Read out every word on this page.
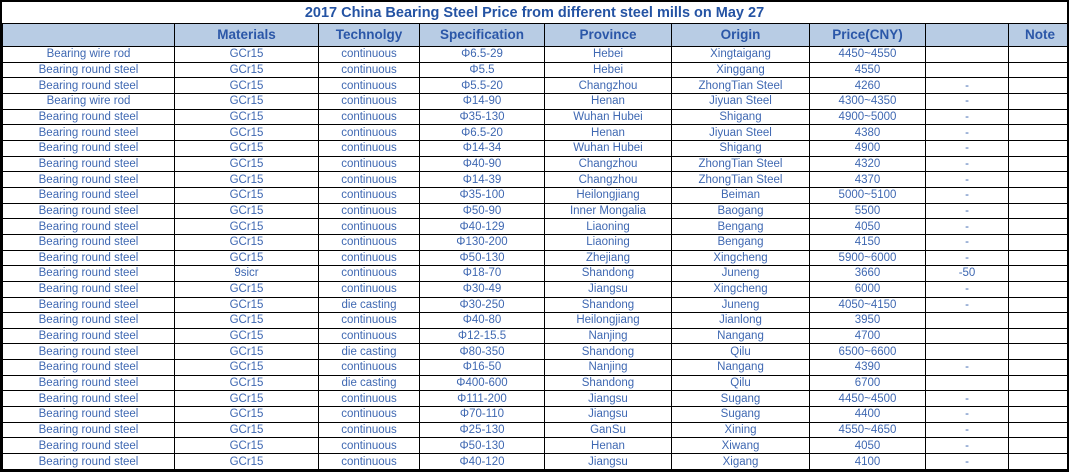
2017 China Bearing Steel Price from different steel mills on May 27
	Materials	Technolgy	Specification	Province	Origin	Price(CNY)		Note
Bearing wire rod	GCr15	continuous	Φ6.5-29	Hebei	Xingtaigang	4450~4550		
Bearing round steel	GCr15	continuous	Φ5.5	Hebei	Xinggang	4550		
Bearing round steel	GCr15	continuous	Φ5.5-20	Changzhou	ZhongTian Steel	4260	-	
Bearing wire rod	GCr15	continuous	Φ14-90	Henan	Jiyuan Steel	4300~4350	-	
Bearing round steel	GCr15	continuous	Φ35-130	Wuhan Hubei	Shigang	4900~5000	-	
Bearing round steel	GCr15	continuous	Φ6.5-20	Henan	Jiyuan Steel	4380	-	
Bearing round steel	GCr15	continuous	Φ14-34	Wuhan Hubei	Shigang	4900	-	
Bearing round steel	GCr15	continuous	Φ40-90	Changzhou	ZhongTian Steel	4320	-	
Bearing round steel	GCr15	continuous	Φ14-39	Changzhou	ZhongTian Steel	4370	-	
Bearing round steel	GCr15	continuous	Φ35-100	Heilongjiang	Beiman	5000~5100	-	
Bearing round steel	GCr15	continuous	Φ50-90	Inner Mongalia	Baogang	5500	-	
Bearing round steel	GCr15	continuous	Φ40-129	Liaoning	Bengang	4050	-	
Bearing round steel	GCr15	continuous	Φ130-200	Liaoning	Bengang	4150	-	
Bearing round steel	GCr15	continuous	Φ50-130	Zhejiang	Xingcheng	5900~6000	-	
Bearing round steel	9sicr	continuous	Φ18-70	Shandong	Juneng	3660	-50	
Bearing round steel	GCr15	continuous	Φ30-49	Jiangsu	Xingcheng	6000	-	
Bearing round steel	GCr15	die casting	Φ30-250	Shandong	Juneng	4050~4150	-	
Bearing round steel	GCr15	continuous	Φ40-80	Heilongjiang	Jianlong	3950		
Bearing round steel	GCr15	continuous	Φ12-15.5	Nanjing	Nangang	4700		
Bearing round steel	GCr15	die casting	Φ80-350	Shandong	Qilu	6500~6600		
Bearing round steel	GCr15	continuous	Φ16-50	Nanjing	Nangang	4390	-	
Bearing round steel	GCr15	die casting	Φ400-600	Shandong	Qilu	6700		
Bearing round steel	GCr15	continuous	Φ111-200	Jiangsu	Sugang	4450~4500	-	
Bearing round steel	GCr15	continuous	Φ70-110	Jiangsu	Sugang	4400	-	
Bearing round steel	GCr15	continuous	Φ25-130	GanSu	Xining	4550~4650	-	
Bearing round steel	GCr15	continuous	Φ50-130	Henan	Xiwang	4050	-	
Bearing round steel	GCr15	continuous	Φ40-120	Jiangsu	Xigang	4100	-	
